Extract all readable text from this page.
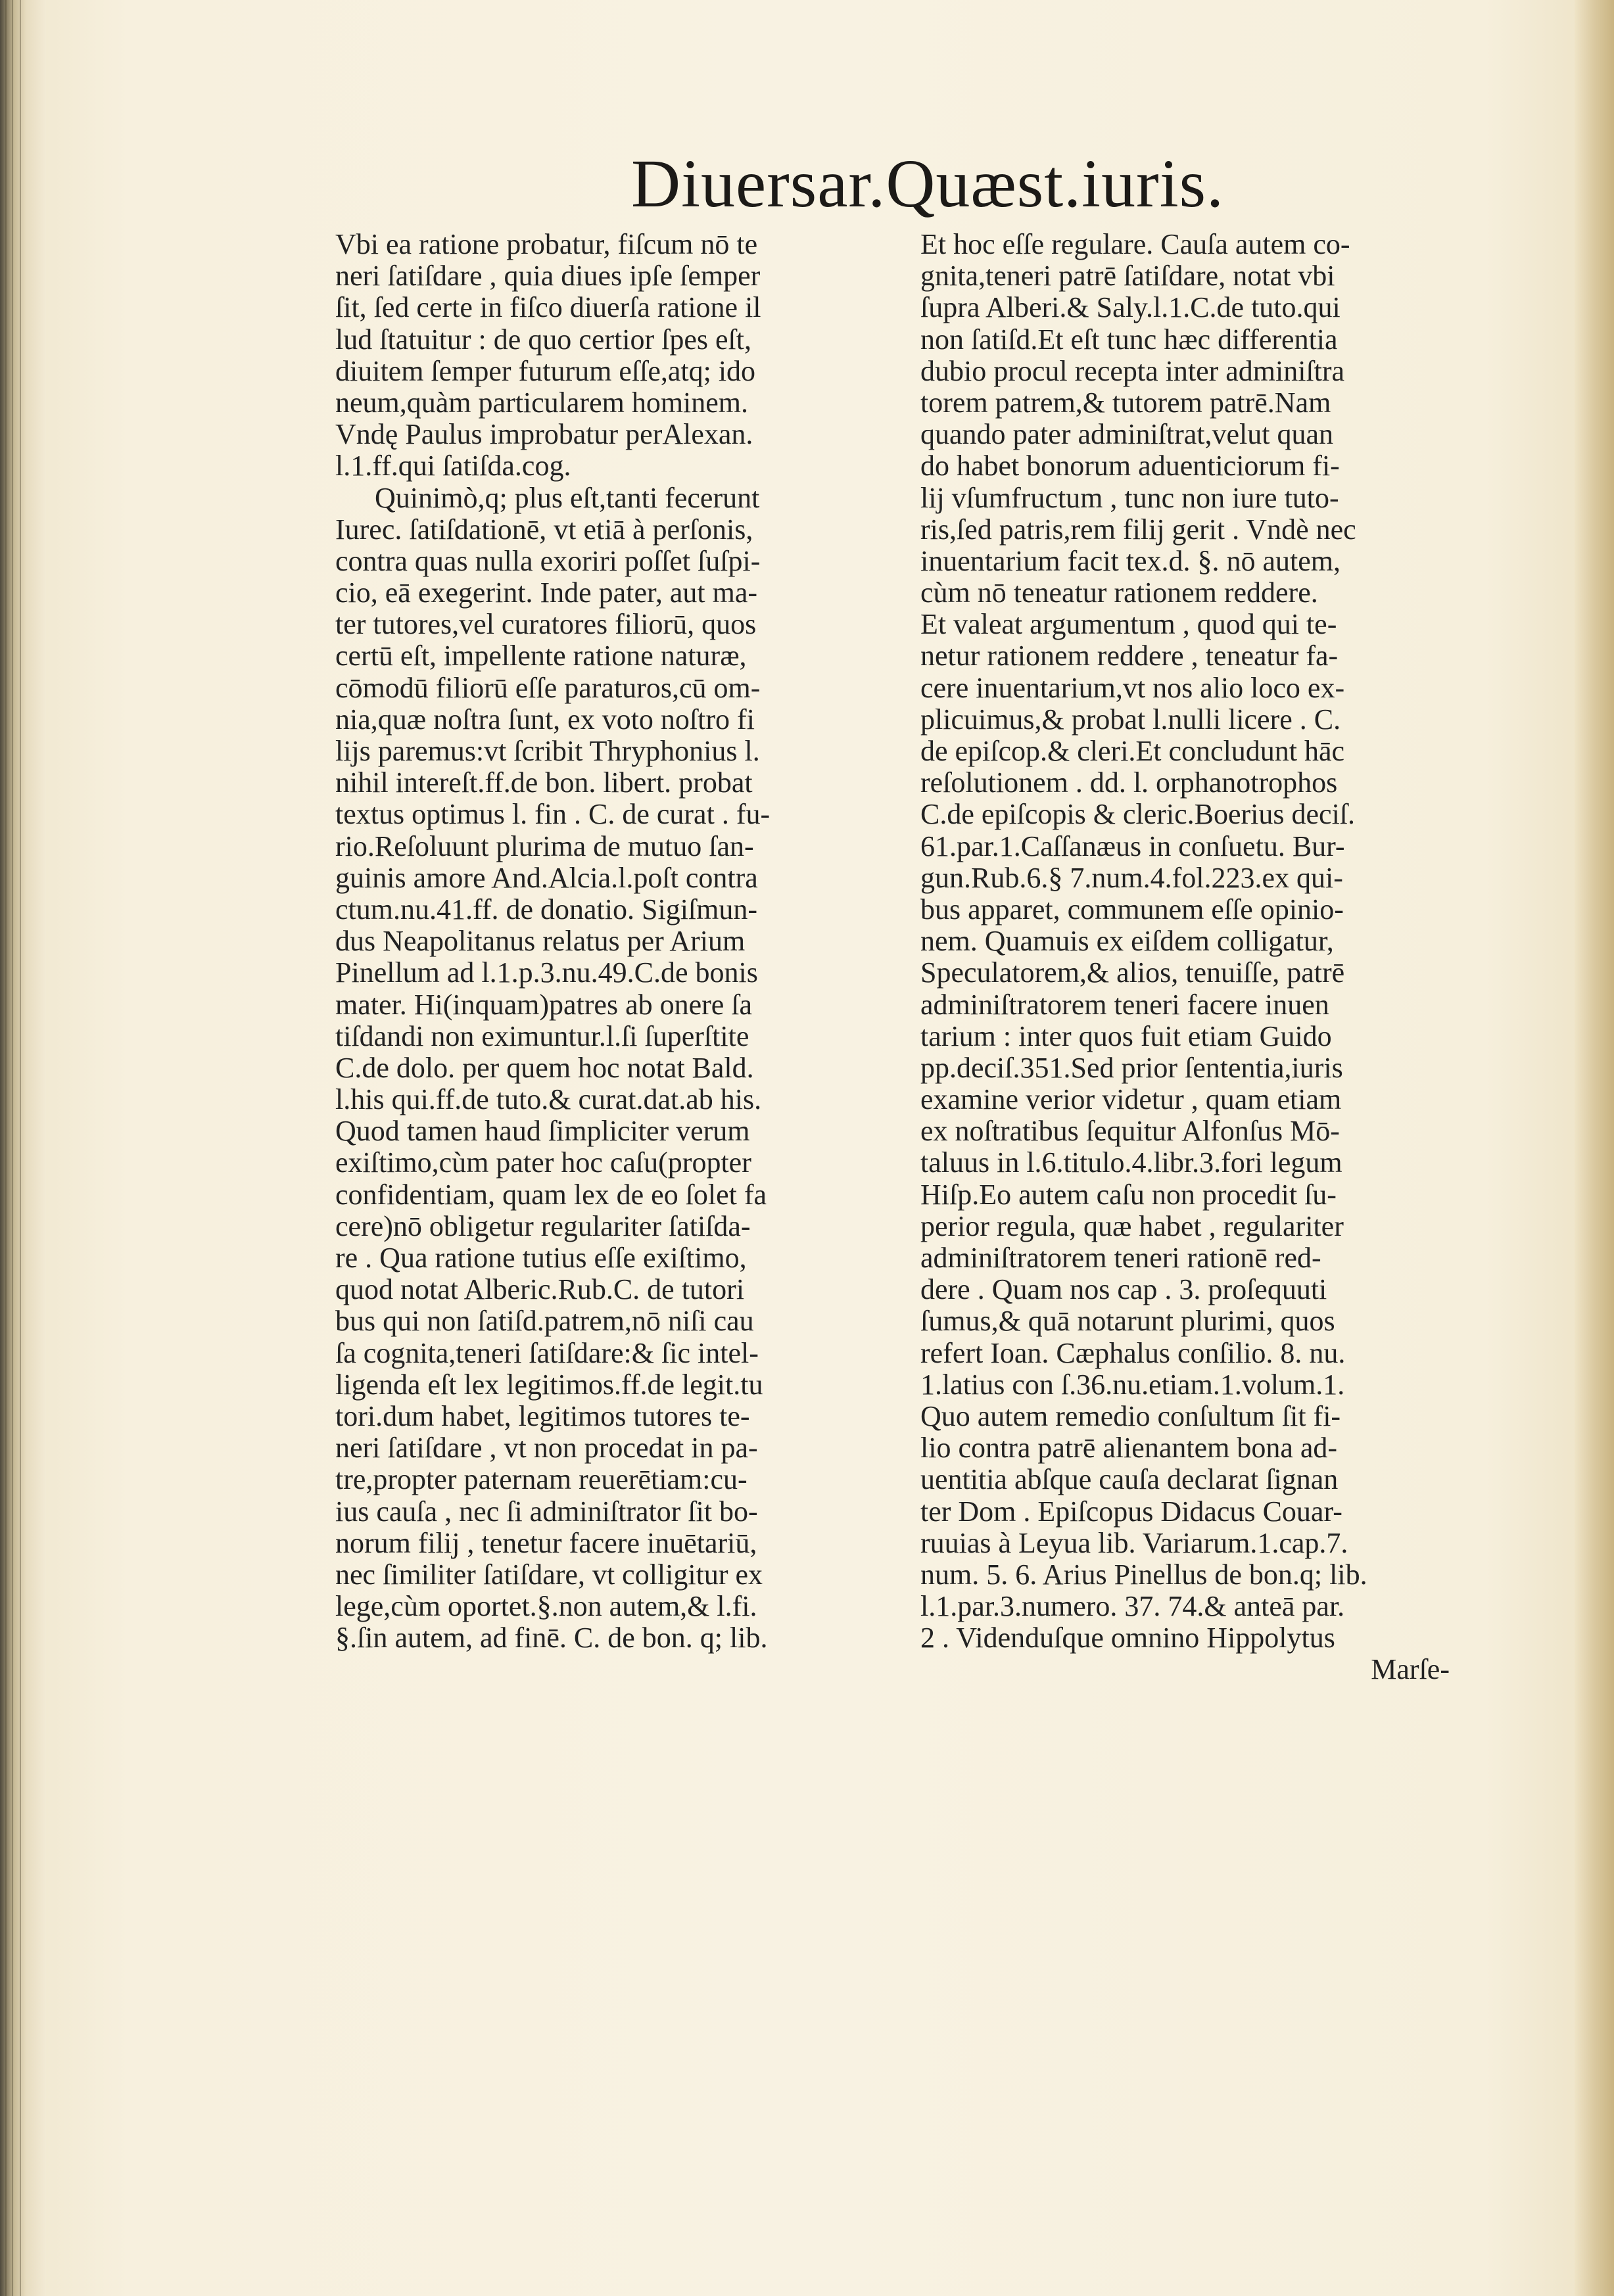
Diuersar.Quæst.iuris.
Vbi ea ratione probatur, fiſcum nō te
neri ſatiſdare , quia diues ipſe ſemper
ſit, ſed certe in fiſco diuerſa ratione il
lud ſtatuitur : de quo certior ſpes eſt,
diuitem ſemper futurum eſſe,atq; ido
neum,quàm particularem hominem.
Vndę Paulus improbatur perAlexan.
l.1.ff.qui ſatiſda.cog.
Quinimò,q; plus eſt,tanti fecerunt
Iurec. ſatiſdationē, vt etiā à perſonis,
contra quas nulla exoriri poſſet ſuſpi-
cio, eā exegerint. Inde pater, aut ma-
ter tutores,vel curatores filiorū, quos
certū eſt, impellente ratione naturæ,
cōmodū filiorū eſſe paraturos,cū om-
nia,quæ noſtra ſunt, ex voto noſtro fi
lijs paremus:vt ſcribit Thryphonius l.
nihil intereſt.ff.de bon. libert. probat
textus optimus l. fin . C. de curat . fu-
rio.Reſoluunt plurima de mutuo ſan-
guinis amore And.Alcia.l.poſt contra
ctum.nu.41.ff. de donatio. Sigiſmun-
dus Neapolitanus relatus per Arium
Pinellum ad l.1.p.3.nu.49.C.de bonis
mater. Hi(inquam)patres ab onere ſa
tiſdandi non eximuntur.l.ſi ſuperſtite
C.de dolo. per quem hoc notat Bald.
l.his qui.ff.de tuto.& curat.dat.ab his.
Quod tamen haud ſimpliciter verum
exiſtimo,cùm pater hoc caſu(propter
confidentiam, quam lex de eo ſolet fa
cere)nō obligetur regulariter ſatiſda-
re . Qua ratione tutius eſſe exiſtimo,
quod notat Alberic.Rub.C. de tutori
bus qui non ſatiſd.patrem,nō niſi cau
ſa cognita,teneri ſatiſdare:& ſic intel-
ligenda eſt lex legitimos.ff.de legit.tu
tori.dum habet, legitimos tutores te-
neri ſatiſdare , vt non procedat in pa-
tre,propter paternam reuerētiam:cu-
ius cauſa , nec ſi adminiſtrator ſit bo-
norum filij , tenetur facere inuētariū,
nec ſimiliter ſatiſdare, vt colligitur ex
lege,cùm oportet.§.non autem,& l.fi.
§.ſin autem, ad finē. C. de bon. q; lib.
Et hoc eſſe regulare. Cauſa autem co-
gnita,teneri patrē ſatiſdare, notat vbi
ſupra Alberi.& Saly.l.1.C.de tuto.qui
non ſatiſd.Et eſt tunc hæc differentia
dubio procul recepta inter adminiſtra
torem patrem,& tutorem patrē.Nam
quando pater adminiſtrat,velut quan
do habet bonorum aduenticiorum fi-
lij vſumfructum , tunc non iure tuto-
ris,ſed patris,rem filij gerit . Vndè nec
inuentarium facit tex.d. §. nō autem,
cùm nō teneatur rationem reddere.
Et valeat argumentum , quod qui te-
netur rationem reddere , teneatur fa-
cere inuentarium,vt nos alio loco ex-
plicuimus,& probat l.nulli licere . C.
de epiſcop.& cleri.Et concludunt hāc
reſolutionem . dd. l. orphanotrophos
C.de epiſcopis & cleric.Boerius deciſ.
61.par.1.Caſſanæus in conſuetu. Bur-
gun.Rub.6.§ 7.num.4.fol.223.ex qui-
bus apparet, communem eſſe opinio-
nem. Quamuis ex eiſdem colligatur,
Speculatorem,& alios, tenuiſſe, patrē
adminiſtratorem teneri facere inuen
tarium : inter quos fuit etiam Guido
pp.deciſ.351.Sed prior ſententia,iuris
examine verior videtur , quam etiam
ex noſtratibus ſequitur Alfonſus Mō-
taluus in l.6.titulo.4.libr.3.fori legum
Hiſp.Eo autem caſu non procedit ſu-
perior regula, quæ habet , regulariter
adminiſtratorem teneri rationē red-
dere . Quam nos cap . 3. proſequuti
ſumus,& quā notarunt plurimi, quos
refert Ioan. Cæphalus conſilio. 8. nu.
1.latius con ſ.36.nu.etiam.1.volum.1.
Quo autem remedio conſultum ſit fi-
lio contra patrē alienantem bona ad-
uentitia abſque cauſa declarat ſignan
ter Dom . Epiſcopus Didacus Couar-
ruuias à Leyua lib. Variarum.1.cap.7.
num. 5. 6. Arius Pinellus de bon.q; lib.
l.1.par.3.numero. 37. 74.& anteā par.
2 . Videnduſque omnino Hippolytus
Marſe-
